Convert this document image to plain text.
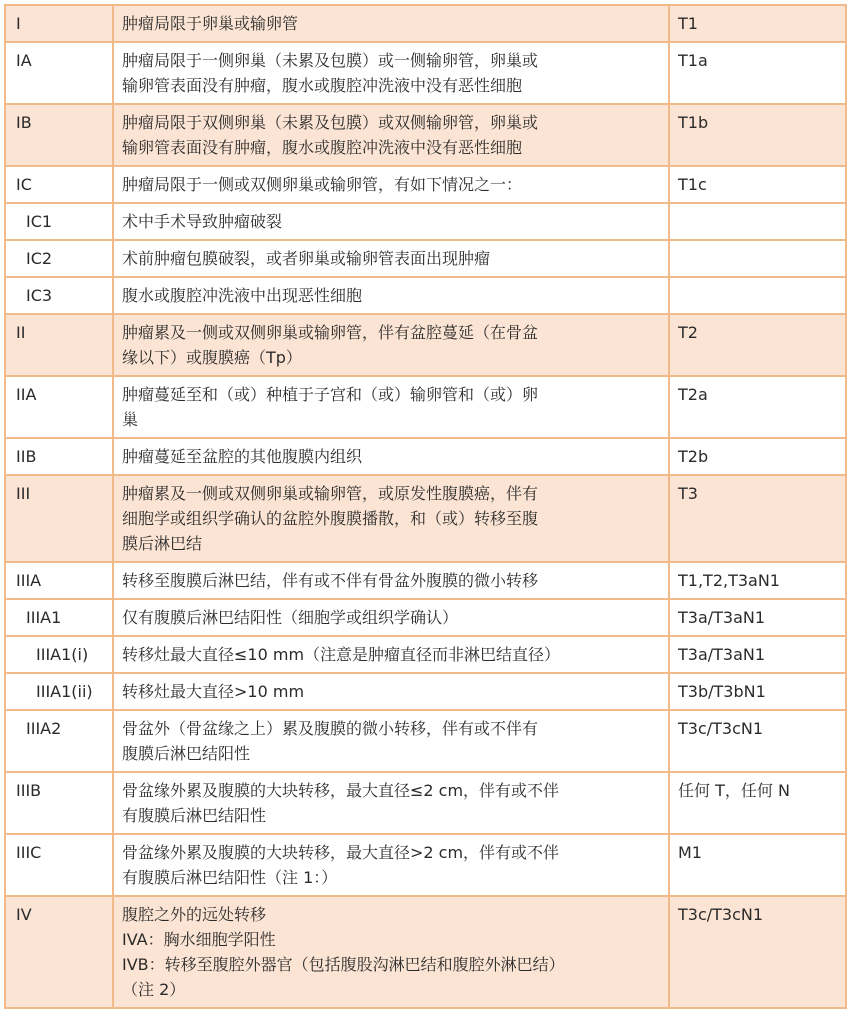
I	肿瘤局限于卵巢或输卵管	T1
IA	肿瘤局限于一侧卵巢（未累及包膜）或一侧输卵管，卵巢或
输卵管表面没有肿瘤，腹水或腹腔冲洗液中没有恶性细胞	T1a
IB	肿瘤局限于双侧卵巢（未累及包膜）或双侧输卵管，卵巢或
输卵管表面没有肿瘤，腹水或腹腔冲洗液中没有恶性细胞	T1b
IC	肿瘤局限于一侧或双侧卵巢或输卵管，有如下情况之一：	T1c
IC1	术中手术导致肿瘤破裂	

IC2	术前肿瘤包膜破裂，或者卵巢或输卵管表面出现肿瘤	

IC3	腹水或腹腔冲洗液中出现恶性细胞	

II	肿瘤累及一侧或双侧卵巢或输卵管，伴有盆腔蔓延（在骨盆
缘以下）或腹膜癌（Tp）	T2
IIA	肿瘤蔓延至和（或）种植于子宫和（或）输卵管和（或）卵
巢	T2a
IIB	肿瘤蔓延至盆腔的其他腹膜内组织	T2b
III	肿瘤累及一侧或双侧卵巢或输卵管，或原发性腹膜癌，伴有
细胞学或组织学确认的盆腔外腹膜播散，和（或）转移至腹
膜后淋巴结	T3
IIIA	转移至腹膜后淋巴结，伴有或不伴有骨盆外腹膜的微小转移	T1,T2,T3aN1
IIIA1	仅有腹膜后淋巴结阳性（细胞学或组织学确认）	T3a/T3aN1
IIIA1(i)	转移灶最大直径≤10 mm（注意是肿瘤直径而非淋巴结直径）	T3a/T3aN1
IIIA1(ii)	转移灶最大直径>10 mm	T3b/T3bN1
IIIA2	骨盆外（骨盆缘之上）累及腹膜的微小转移，伴有或不伴有
腹膜后淋巴结阳性	T3c/T3cN1
IIIB	骨盆缘外累及腹膜的大块转移，最大直径≤2 cm，伴有或不伴
有腹膜后淋巴结阳性	任何 T，任何 N
IIIC	骨盆缘外累及腹膜的大块转移，最大直径>2 cm，伴有或不伴
有腹膜后淋巴结阳性（注 1：）	M1
IV	腹腔之外的远处转移
IVA：胸水细胞学阳性
IVB：转移至腹腔外器官（包括腹股沟淋巴结和腹腔外淋巴结）
（注 2）	T3c/T3cN1
